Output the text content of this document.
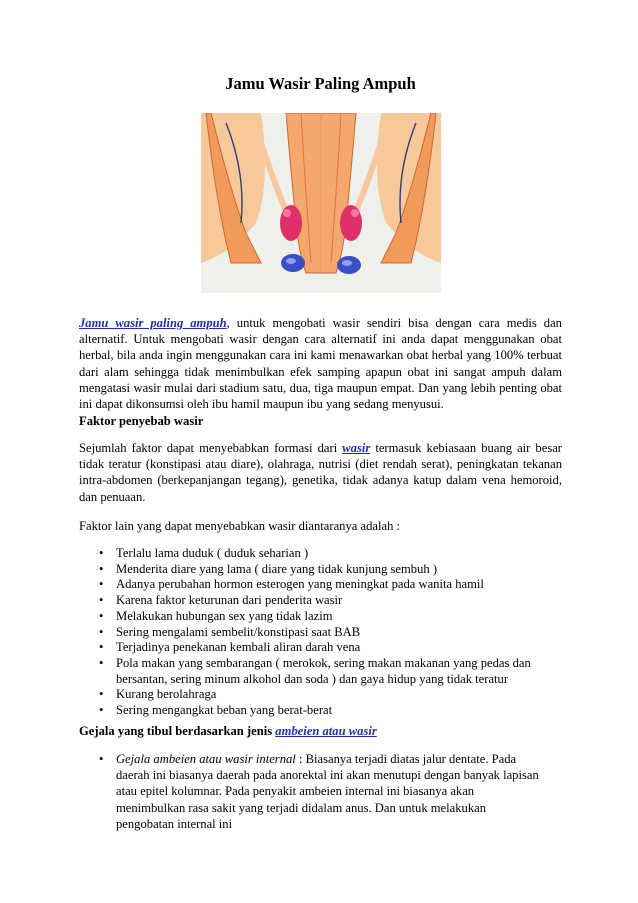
Jamu Wasir Paling Ampuh

Jamu wasir paling ampuh, untuk mengobati wasir sendiri bisa dengan cara medis dan alternatif. Untuk mengobati wasir dengan cara alternatif ini anda dapat menggunakan obat herbal, bila anda ingin menggunakan cara ini kami menawarkan obat herbal yang 100% terbuat dari alam sehingga tidak menimbulkan efek samping apapun obat ini sangat ampuh dalam mengatasi wasir mulai dari stadium satu, dua, tiga maupun empat. Dan yang lebih penting obat ini dapat dikonsumsi oleh ibu hamil maupun ibu yang sedang menyusui.

Faktor penyebab wasir

Sejumlah faktor dapat menyebabkan formasi dari wasir termasuk kebiasaan buang air besar tidak teratur (konstipasi atau diare), olahraga, nutrisi (diet rendah serat), peningkatan tekanan intra-abdomen (berkepanjangan tegang), genetika, tidak adanya katup dalam vena hemoroid, dan penuaan.

Faktor lain yang dapat menyebabkan wasir diantaranya adalah :

• Terlalu lama duduk ( duduk seharian )
• Menderita diare yang lama ( diare yang tidak kunjung sembuh )
• Adanya perubahan hormon esterogen yang meningkat pada wanita hamil
• Karena faktor keturunan dari penderita wasir
• Melakukan hubungan sex yang tidak lazim
• Sering mengalami sembelit/konstipasi saat BAB
• Terjadinya penekanan kembali aliran darah vena
• Pola makan yang sembarangan ( merokok, sering makan makanan yang pedas dan bersantan, sering minum alkohol dan soda ) dan gaya hidup yang tidak teratur
• Kurang berolahraga
• Sering mengangkat beban yang berat-berat
Gejala yang tibul berdasarkan jenis ambeien atau wasir
• Gejala ambeien atau wasir internal : Biasanya terjadi diatas jalur dentate. Pada daerah ini biasanya daerah pada anorektal ini akan menutupi dengan banyak lapisan atau epitel kolumnar. Pada penyakit ambeien internal ini biasanya akan menimbulkan rasa sakit yang terjadi didalam anus. Dan untuk melakukan pengobatan internal ini
